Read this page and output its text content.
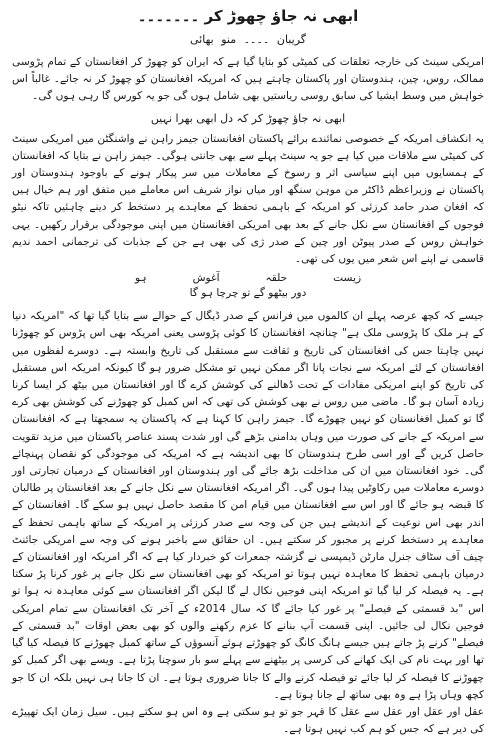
ابھی نہ جاؤ چھوڑ کر ۔۔۔۔۔۔۔
گریبان ۔۔۔۔ منو بھائی

امریکی سینٹ کی خارجہ تعلقات کی کمیٹی کو بتایا گیا ہے کہ ایران کو چھوڑ کر افغانستان کے تمام پڑوسی ممالک، روس، چین، ہندوستان اور پاکستان چاہتے ہیں کہ امریکہ افغانستان کو چھوڑ کر نہ جائے۔ غالباً اس خواہش میں وسط ایشیا کی سابق روسی ریاستیں بھی شامل ہوں گی جو یہ کورس گا رہی ہوں گی۔

ابھی نہ جاؤ چھوڑ کر کہ دل ابھی بھرا نہیں

یہ انکشاف امریکہ کے خصوصی نمائندے برائے پاکستان افغانستان جیمز راہن نے واشنگٹن میں امریکی سینٹ کی کمیٹی سے ملاقات میں کیا ہے جو یہ سینٹ پہلے سے بھی جانتی ہوگی۔ جیمز راہن نے بتایا کہ افغانستان کے ہمسایوں میں اپنے سیاسی اثر و رسوخ کے معاملات میں سر پیکار ہونے کے باوجود ہندوستان اور پاکستان نے وزیراعظم ڈاکٹر من موہن سنگھ اور میاں نواز شریف اس معاملے میں متفق اور ہم خیال ہیں کہ افغان صدر حامد کرزئی کو امریکہ کے باہمی تحفظ کے معاہدے پر دستخط کر دینے چاہئیں تاکہ نیٹو فوجوں کے افغانستان سے نکل جانے کے بعد بھی امریکی افغانستان میں اپنی موجودگی برقرار رکھیں۔ یہی خواہش روس کے صدر پیوٹن اور چین کے صدر ژی کی بھی ہے جن کے جذبات کی ترجمانی احمد ندیم قاسمی نے اپنے اس شعر میں یوں کی تھی۔

زیست
حلقہ
آغوش
ہو
دور بیٹھو گے تو چرچا ہو گا

جیسے کہ کچھ عرصہ پہلے ان کالموں میں فرانس کے صدر ڈیگال کے حوالے سے بتایا گیا تھا کہ "امریکہ دنیا کے ہر ملک کا پڑوسی ملک ہے" چنانچہ افغانستان کا کوئی پڑوسی یعنی امریکہ بھی اس پڑوس کو چھوڑنا نہیں چاہتا جس کی افغانستان کی تاریخ و ثقافت سے مستقبل کی تاریخ وابستہ ہے۔ دوسرے لفظوں میں افغانستان کے لئے امریکہ سے نجات پانا اگر ممکن نہیں تو مشکل ضرور ہو گا کیونکہ امریکہ اس مستقبل کی تاریخ کو اپنے امریکی مفادات کے تحت ڈھالنے کی کوشش کرے گا اور افغانستان میں بیٹھ کر ایسا کرنا زیادہ آسان ہو گا۔ ماضی میں روس نے بھی کوشش کی تھی کہ اس کمبل کو چھوڑنے کی کوشش بھی کرے گا تو کمبل افغانستان کو نہیں چھوڑے گا۔ جیمز راہن کا کہنا ہے کہ پاکستان یہ سمجھتا ہے کہ افغانستان سے امریکہ کے جانے کی صورت میں وہاں بدامنی بڑھے گی اور شدت پسند عناصر پاکستان میں مزید تقویت حاصل کریں گے اور اسی طرح ہندوستان کا بھی اندیشہ ہے کہ امریکہ کی موجودگی کو نقصان پہنچائے گی۔ خود افغانستان میں ان کی مداخلت بڑھ جائے گی اور ہندوستان اور افغانستان کے درمیان تجارتی اور دوسرے معاملات میں رکاوٹیں پیدا ہوں گی۔ اگر امریکہ افغانستان سے نکل جانے کے بعد افغانستان پر طالبان کا قبضہ ہو جائے گا اور اس سے افغانستان میں قیام امن کا مقصد حاصل نہیں ہو سکے گا۔ افغانستان کے اندر بھی اس نوعیت کے اندیشے ہیں جن کی وجہ سے صدر کرزئی پر امریکہ کے ساتھ باہمی تحفظ کے معاہدے پر دستخط کرنے پر مجبور کر سکتے ہیں۔ ان حقائق سے باخبر ہونے کی وجہ سے امریکی جائنٹ چیف آف سٹاف جنرل مارٹن ڈیمپسی نے گزشتہ جمعرات کو خبردار کیا ہے کہ اگر امریکہ اور افغانستان کے درمیان باہمی تحفظ کا معاہدہ نہیں ہوتا تو امریکہ کو بھی افغانستان سے نکل جانے پر غور کرنا پڑ سکتا ہے۔ یہ فیصلہ کر لیا گیا تو امریکہ اپنی فوجیں نکال لے گا لیکن اگر افغانستان سے کوئی معاہدہ نہ ہوا تو اس "بد قسمتی کے فیصلے" پر غور کیا جائے گا کہ سال 2014ء کے آخر تک افغانستان سے تمام امریکی فوجیں نکال لی جائیں۔ اپنی قسمت آپ بنانے کا عزم رکھنے والوں کو بھی بعض اوقات "بد قسمتی کے فیصلے" کرنے پڑ جاتے ہیں جیسے ہانگ کانگ کو چھوڑتے ہوئے آنسوؤں کے ساتھ کمبل چھوڑنے کا فیصلہ کیا گیا تھا اور بہت نام کی ایک کھانے کی کرسی پر بیٹھنے سے پہلے سو بار سوچنا پڑتا ہے۔ ویسے بھی اگر کمبل کو چھوڑنے کا فیصلہ کر لیا جائے تو فیصلہ کرنے والے کا جانا ضروری ہوتا ہے۔ ان کا جانا ہی نہیں بلکہ ان کا جو کچھ وہاں پڑا ہے وہ بھی ساتھ لے جانا ہوتا ہے۔

عقل اور عقل اور عقل سے عقل کا قہر جو تو ہو سکتی ہے وہ اس ہو سکتے ہیں۔ سیل زمان ایک تھپیڑے کی دیر ہے کہ جس کو ہم کب نہیں ہوتا ہے۔
